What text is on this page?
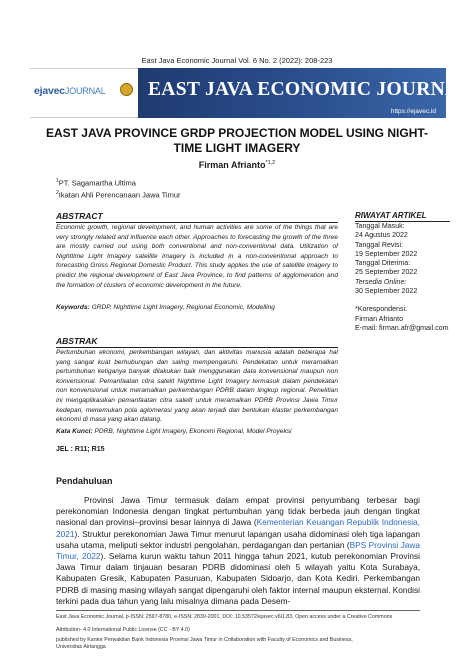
East Java Economic Journal Vol. 6 No. 2 (2022): 208-223
ejavecJOURNAL EAST JAVA ECONOMIC JOURNAL
https://ejavec.id
EAST JAVA PROVINCE GRDP PROJECTION MODEL USING NIGHT-TIME LIGHT IMAGERY
Firman Afrianto$^{*1,2}$
$^1$PT. Sagamartha Ultima
$^2$Ikatan Ahli Perencanaan Jawa Timur
ABSTRACT
Economic growth, regional development, and human activities are some of the things that are very strongly related and influence each other. Approaches to forecasting the growth of the three are mostly carried out using both conventional and non-conventional data. Utilization of Nighttime Light Imagery satellite imagery is included in a non-conventional approach to forecasting Gross Regional Domestic Product. This study applies the use of satellite imagery to predict the regional development of East Java Province, to find patterns of agglomeration and the formation of clusters of economic development in the future.
Keywords: GRDP, Nighttime Light Imagery, Regional Economic, Modelling
ABSTRAK
Pertumbuhan ekonomi, perkembangan wilayah, dan aktivitas manusia adalah beberapa hal yang sangat kuat berhubungan dan saling mempengaruhi. Pendekatan untuk meramalkan pertumbuhan ketiganya banyak dilakukan baik menggunakan data konvensional maupun non konvensional. Pemanfaatan citra satelit Nighttime Light Imagery termasuk dalam pendekatan non konvensional untuk meramalkan perkembangan PDRB dalam lingkup regional. Penelitian ini mengaplikasikan pemanfaatan citra satelit untuk meramalkan PDRB Provinsi Jawa Timur kedepan, menemukan pola aglomerasi yang akan terjadi dan bentukan klaster perkembangan ekonomi di masa yang akan datang.
Kata Kunci: PDRB, Nighttime Light Imagery, Ekonomi Regional, Model Proyeksi
RIWAYAT ARTIKEL
Tanggal Masuk:
24 Agustus 2022
Tanggal Revisi:
19 September 2022
Tanggal Diterima:
25 September 2022
Tersedia Online:
30 September 2022
*Korespondensi:
Firman Afrianto
E-mail: firman.afr@gmail.com
JEL : R11; R15
Pendahuluan
Provinsi Jawa Timur termasuk dalam empat provinsi penyumbang terbesar bagi perekonomian Indonesia dengan tingkat pertumbuhan yang tidak berbeda jauh dengan tingkat nasional dan provinsi–provinsi besar lainnya di Jawa (Kementerian Keuangan Republik Indonesia, 2021). Struktur perekonomian Jawa Timur menurut lapangan usaha didominasi oleh tiga lapangan usaha utama, meliputi sektor industri pengolahan, perdagangan dan pertanian (BPS Provinsi Jawa Timur, 2022). Selama kurun waktu tahun 2011 hingga tahun 2021, kutub perekonomian Provinsi Jawa Timur dalam tinjauan besaran PDRB didominasi oleh 5 wilayah yaitu Kota Surabaya, Kabupaten Gresik, Kabupaten Pasuruan, Kabupaten Sidoarjo, dan Kota Kediri. Perkembangan PDRB di masing masing wilayah sangat dipengaruhi oleh faktor internal maupun eksternal. Kondisi terkini pada dua tahun yang lalu misalnya dimana pada Desem-
East Java Economic Journal, p-ISSN: 2597-8780, e-ISSN: 2830-2001, DOI: 10.53572/ejavec.v6i1.83, Open access under a Creative Commons
Attribution- 4.0 International Public License (CC - BY 4.0)
published by Kantor Perwakilan Bank Indonesia Provinsi Jawa Timur in Collaboration with Faculty of Economics and Business,
Universitas Airlangga
